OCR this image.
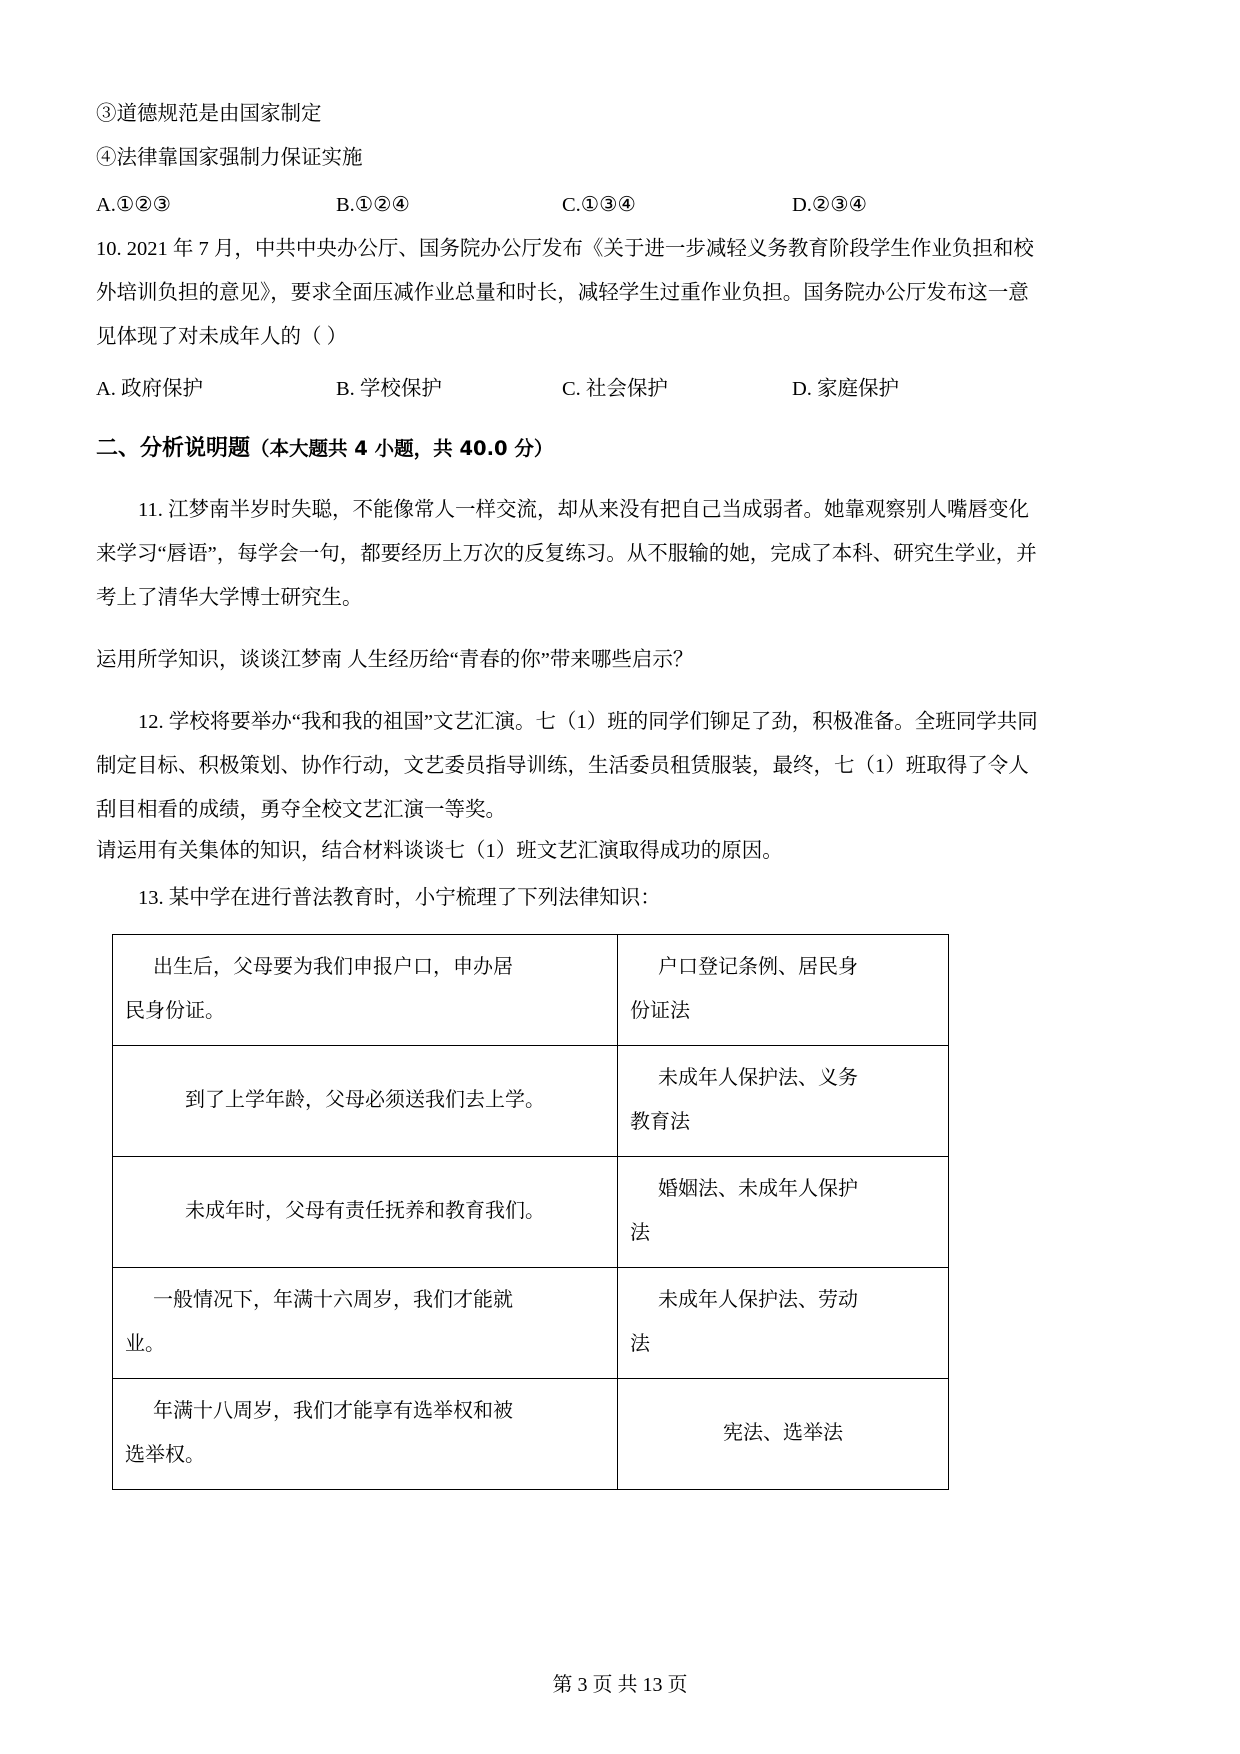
③道德规范是由国家制定

④法律靠国家强制力保证实施

A.①②③	B.①②④	C.①③④	D.②③④

10. 2021 年 7 月，中共中央办公厅、国务院办公厅发布《关于进一步减轻义务教育阶段学生作业负担和校

外培训负担的意见》，要求全面压减作业总量和时长，减轻学生过重作业负担。国务院办公厅发布这一意

见体现了对未成年人的（ ）

A. 政府保护	B. 学校保护	C. 社会保护	D. 家庭保护
二、分析说明题（本大题共 4 小题，共 40.0 分）

11. 江梦南半岁时失聪，不能像常人一样交流，却从来没有把自己当成弱者。她靠观察别人嘴唇变化

来学习“唇语”，每学会一句，都要经历上万次的反复练习。从不服输的她，完成了本科、研究生学业，并

考上了清华大学博士研究生。

运用所学知识，谈谈江梦南 人生经历给“青春的你”带来哪些启示？

12. 学校将要举办“我和我的祖国”文艺汇演。七（1）班的同学们铆足了劲，积极准备。全班同学共同

制定目标、积极策划、协作行动，文艺委员指导训练，生活委员租赁服装，最终，七（1）班取得了令人

刮目相看的成绩，勇夺全校文艺汇演一等奖。

请运用有关集体的知识，结合材料谈谈七（1）班文艺汇演取得成功的原因。

13. 某中学在进行普法教育时，小宁梳理了下列法律知识：

出生后，父母要为我们申报户口，申办居
民身份证。	户口登记条例、居民身
份证法

到了上学年龄，父母必须送我们去上学。	未成年人保护法、义务
教育法

未成年时，父母有责任抚养和教育我们。	婚姻法、未成年人保护
法

一般情况下，年满十六周岁，我们才能就
业。	未成年人保护法、劳动
法

年满十八周岁，我们才能享有选举权和被
选举权。	宪法、选举法
第 3 页 共 13 页
